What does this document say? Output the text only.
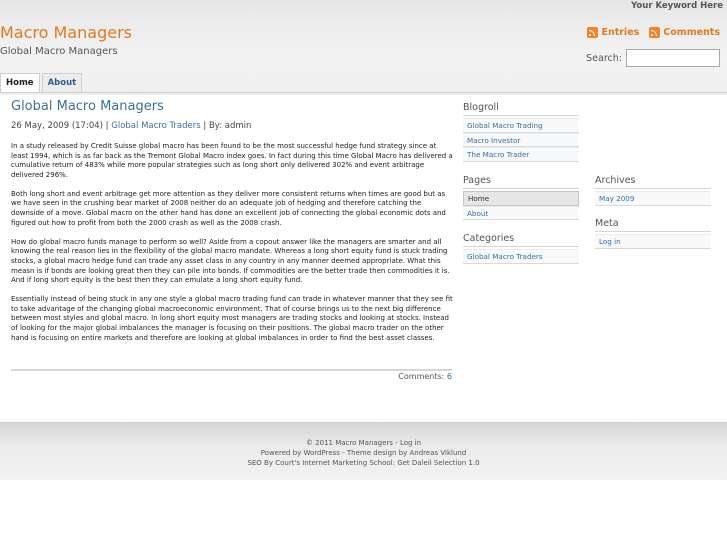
Your Keyword Here
Macro Managers
Global Macro Managers
Entries	Comments
Search:
Home	About
Global Macro Managers
26 May, 2009 (17:04) | Global Macro Traders | By: admin

In a study released by Credit Suisse global macro has been found to be the most successful hedge fund strategy since at least 1994, which is as far back as the Tremont Global Macro index goes. In fact during this time Global Macro has delivered a cumulative return of 483% while more popular strategies such as long short only delivered 302% and event arbitrage delivered 296%.

Both long short and event arbitrage get more attention as they deliver more consistent returns when times are good but as we have seen in the crushing bear market of 2008 neither do an adequate job of hedging and therefore catching the downside of a move. Global macro on the other hand has done an excellent job of connecting the global economic dots and figured out how to profit from both the 2000 crash as well as the 2008 crash.

How do global macro funds manage to perform so well? Aside from a copout answer like the managers are smarter and all knowing the real reason lies in the flexibility of the global macro mandate. Whereas a long short equity fund is stuck trading stocks, a global macro hedge fund can trade any asset class in any country in any manner deemed appropriate. What this measn is if bonds are looking great then they can pile into bonds. If commodities are the better trade then commodities it is. And if long short equity is the best then they can emulate a long short equity fund.

Essentially instead of being stuck in any one style a global macro trading fund can trade in whatever manner that they see fit to take advantage of the changing global macroeconomic environment. That of course brings us to the next big difference between most styles and global macro. In long short equity most managers are trading stocks and looking at stocks. Instead of looking for the major global imbalances the manager is focusing on their positions. The global macro trader on the other hand is focusing on entire markets and therefore are looking at global imbalances in order to find the best asset classes.

Comments: 6
Blogroll
Global Macro Trading
Macro Investor
The Macro Trader
Pages
Home
About
Categories
Global Macro Traders
Archives
May 2009
Meta
Log in
© 2011 Macro Managers - Log in
Powered by WordPress - Theme design by Andreas Viklund
SEO By Court's Internet Marketing School: Get Daleil Selection 1.0
